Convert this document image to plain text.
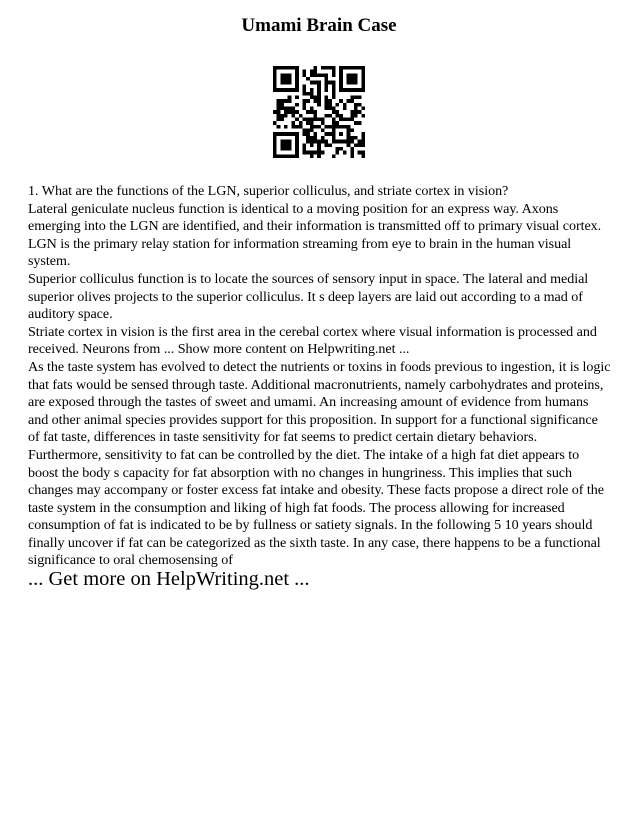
Umami Brain Case

1. What are the functions of the LGN, superior colliculus, and striate cortex in vision?

Lateral geniculate nucleus function is identical to a moving position for an express way. Axons emerging into the LGN are identified, and their information is transmitted off to primary visual cortex. LGN is the primary relay station for information streaming from eye to brain in the human visual system.

Superior colliculus function is to locate the sources of sensory input in space. The lateral and medial superior olives projects to the superior colliculus. It s deep layers are laid out according to a mad of auditory space.

Striate cortex in vision is the first area in the cerebal cortex where visual information is processed and received. Neurons from ... Show more content on Helpwriting.net ...

As the taste system has evolved to detect the nutrients or toxins in foods previous to ingestion, it is logic that fats would be sensed through taste. Additional macronutrients, namely carbohydrates and proteins, are exposed through the tastes of sweet and umami. An increasing amount of evidence from humans and other animal species provides support for this proposition. In support for a functional significance of fat taste, differences in taste sensitivity for fat seems to predict certain dietary behaviors. Furthermore, sensitivity to fat can be controlled by the diet. The intake of a high fat diet appears to boost the body s capacity for fat absorption with no changes in hungriness. This implies that such changes may accompany or foster excess fat intake and obesity. These facts propose a direct role of the taste system in the consumption and liking of high fat foods. The process allowing for increased consumption of fat is indicated to be by fullness or satiety signals. In the following 5 10 years should finally uncover if fat can be categorized as the sixth taste. In any case, there happens to be a functional significance to oral chemosensing of

... Get more on HelpWriting.net ...
